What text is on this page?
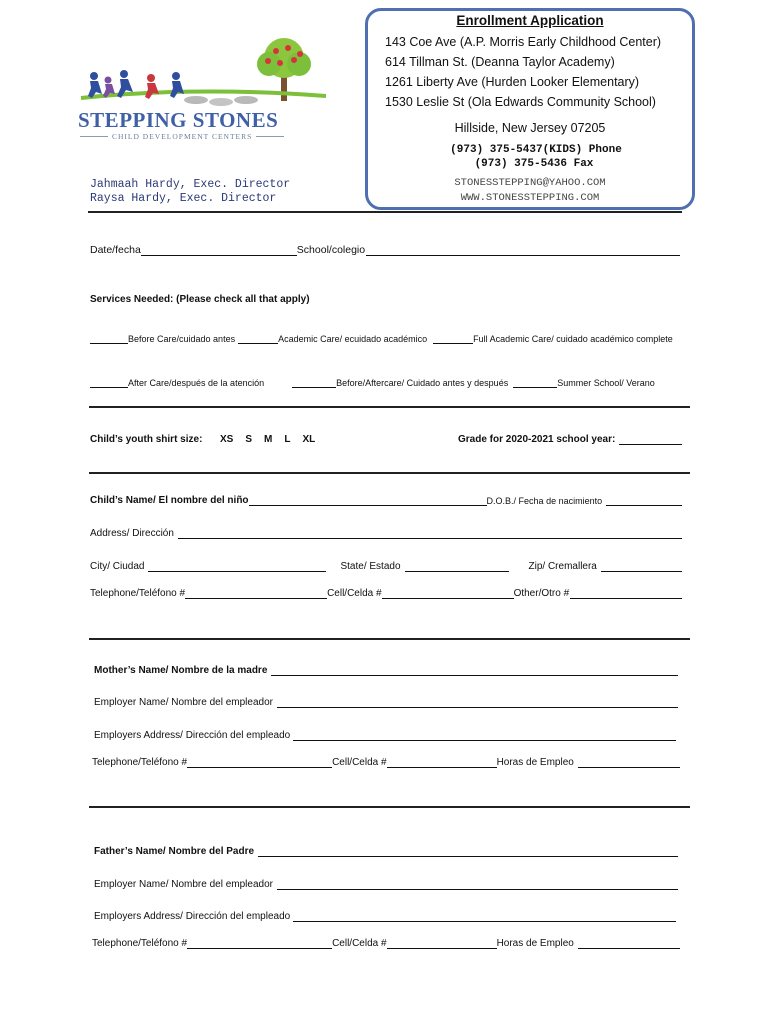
STEPPING STONES
CHILD DEVELOPMENT CENTERS
Jahmaah Hardy, Exec. Director
Raysa Hardy, Exec. Director
Enrollment Application
143 Coe Ave (A.P. Morris Early Childhood Center)
614 Tillman St. (Deanna Taylor Academy)
1261 Liberty Ave (Hurden Looker Elementary)
1530 Leslie St (Ola Edwards Community School)
Hillside, New Jersey 07205
(973) 375-5437(KIDS) Phone
(973) 375-5436 Fax
STONESSTEPPING@YAHOO.COM
WWW.STONESSTEPPING.COM
Date/fecha	School/colegio
Services Needed: (Please check all that apply)
Before Care/cuidado antes	Academic Care/ ecuidado académico	Full Academic Care/ cuidado académico complete
After Care/después de la atención	Before/Aftercare/ Cuidado antes y después	Summer School/ Verano
Child’s youth shirt size: XS S M L XL	Grade for 2020-2021 school year:
Child’s Name/ El nombre del niño	D.O.B./ Fecha de nacimiento
Address/ Dirección
City/ Ciudad	State/ Estado	Zip/ Cremallera
Telephone/Teléfono #	Cell/Celda #	Other/Otro #
Mother’s Name/ Nombre de la madre
Employer Name/ Nombre del empleador
Employers Address/ Dirección del empleado
Telephone/Teléfono #	Cell/Celda #	Horas de Empleo
Father’s Name/ Nombre del Padre
Employer Name/ Nombre del empleador
Employers Address/ Dirección del empleado
Telephone/Teléfono #	Cell/Celda #	Horas de Empleo
